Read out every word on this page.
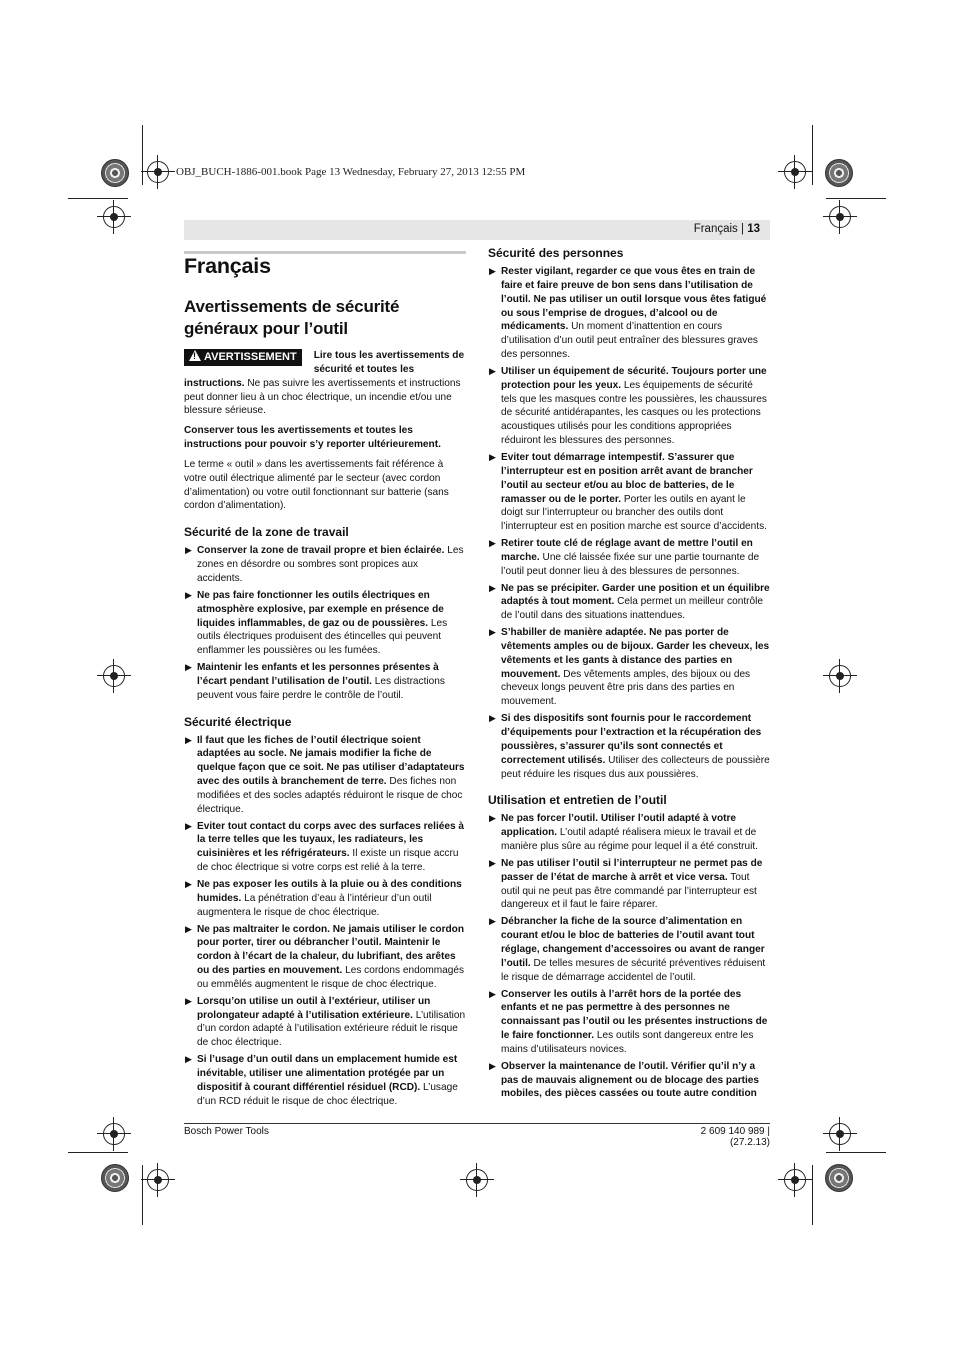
OBJ_BUCH-1886-001.book Page 13 Wednesday, February 27, 2013 12:55 PM
Français | 13
Français
Avertissements de sécurité généraux pour l’outil
!AVERTISSEMENT	Lire tous les avertissements de sécurité et toutes les instructions. Ne pas suivre les avertissements et instructions peut donner lieu à un choc électrique, un incendie et/ou une blessure sérieuse.

Conserver tous les avertissements et toutes les instructions pour pouvoir s’y reporter ultérieurement.

Le terme « outil » dans les avertissements fait référence à votre outil électrique alimenté par le secteur (avec cordon d’alimentation) ou votre outil fonctionnant sur batterie (sans cordon d’alimentation).

Sécurité de la zone de travail
▶ Conserver la zone de travail propre et bien éclairée. Les zones en désordre ou sombres sont propices aux accidents.
▶ Ne pas faire fonctionner les outils électriques en atmosphère explosive, par exemple en présence de liquides inflammables, de gaz ou de poussières. Les outils électriques produisent des étincelles qui peuvent enflammer les poussières ou les fumées.
▶ Maintenir les enfants et les personnes présentes à l’écart pendant l’utilisation de l’outil. Les distractions peuvent vous faire perdre le contrôle de l’outil.
Sécurité électrique
▶ Il faut que les fiches de l’outil électrique soient adaptées au socle. Ne jamais modifier la fiche de quelque façon que ce soit. Ne pas utiliser d’adaptateurs avec des outils à branchement de terre. Des fiches non modifiées et des socles adaptés réduiront le risque de choc électrique.
▶ Eviter tout contact du corps avec des surfaces reliées à la terre telles que les tuyaux, les radiateurs, les cuisinières et les réfrigérateurs. Il existe un risque accru de choc électrique si votre corps est relié à la terre.
▶ Ne pas exposer les outils à la pluie ou à des conditions humides. La pénétration d’eau à l’intérieur d’un outil augmentera le risque de choc électrique.
▶ Ne pas maltraiter le cordon. Ne jamais utiliser le cordon pour porter, tirer ou débrancher l’outil. Maintenir le cordon à l’écart de la chaleur, du lubrifiant, des arêtes ou des parties en mouvement. Les cordons endommagés ou emmêlés augmentent le risque de choc électrique.
▶ Lorsqu’on utilise un outil à l’extérieur, utiliser un prolongateur adapté à l’utilisation extérieure. L’utilisation d’un cordon adapté à l’utilisation extérieure réduit le risque de choc électrique.
▶ Si l’usage d’un outil dans un emplacement humide est inévitable, utiliser une alimentation protégée par un dispositif à courant différentiel résiduel (RCD). L’usage d’un RCD réduit le risque de choc électrique.
Sécurité des personnes
▶ Rester vigilant, regarder ce que vous êtes en train de faire et faire preuve de bon sens dans l’utilisation de l’outil. Ne pas utiliser un outil lorsque vous êtes fatigué ou sous l’emprise de drogues, d’alcool ou de médicaments. Un moment d’inattention en cours d’utilisation d’un outil peut entraîner des blessures graves des personnes.
▶ Utiliser un équipement de sécurité. Toujours porter une protection pour les yeux. Les équipements de sécurité tels que les masques contre les poussières, les chaussures de sécurité antidérapantes, les casques ou les protections acoustiques utilisés pour les conditions appropriées réduiront les blessures des personnes.
▶ Eviter tout démarrage intempestif. S’assurer que l’interrupteur est en position arrêt avant de brancher l’outil au secteur et/ou au bloc de batteries, de le ramasser ou de le porter. Porter les outils en ayant le doigt sur l’interrupteur ou brancher des outils dont l’interrupteur est en position marche est source d’accidents.
▶ Retirer toute clé de réglage avant de mettre l’outil en marche. Une clé laissée fixée sur une partie tournante de l’outil peut donner lieu à des blessures de personnes.
▶ Ne pas se précipiter. Garder une position et un équilibre adaptés à tout moment. Cela permet un meilleur contrôle de l’outil dans des situations inattendues.
▶ S’habiller de manière adaptée. Ne pas porter de vêtements amples ou de bijoux. Garder les cheveux, les vêtements et les gants à distance des parties en mouvement. Des vêtements amples, des bijoux ou des cheveux longs peuvent être pris dans des parties en mouvement.
▶ Si des dispositifs sont fournis pour le raccordement d’équipements pour l’extraction et la récupération des poussières, s’assurer qu’ils sont connectés et correctement utilisés. Utiliser des collecteurs de poussière peut réduire les risques dus aux poussières.
Utilisation et entretien de l’outil
▶ Ne pas forcer l’outil. Utiliser l’outil adapté à votre application. L’outil adapté réalisera mieux le travail et de manière plus sûre au régime pour lequel il a été construit.
▶ Ne pas utiliser l’outil si l’interrupteur ne permet pas de passer de l’état de marche à arrêt et vice versa. Tout outil qui ne peut pas être commandé par l’interrupteur est dangereux et il faut le faire réparer.
▶ Débrancher la fiche de la source d’alimentation en courant et/ou le bloc de batteries de l’outil avant tout réglage, changement d’accessoires ou avant de ranger l’outil. De telles mesures de sécurité préventives réduisent le risque de démarrage accidentel de l’outil.
▶ Conserver les outils à l’arrêt hors de la portée des enfants et ne pas permettre à des personnes ne connaissant pas l’outil ou les présentes instructions de le faire fonctionner. Les outils sont dangereux entre les mains d’utilisateurs novices.
▶ Observer la maintenance de l’outil. Vérifier qu’il n’y a pas de mauvais alignement ou de blocage des parties mobiles, des pièces cassées ou toute autre condition
Bosch Power Tools	2 609 140 989 | (27.2.13)
